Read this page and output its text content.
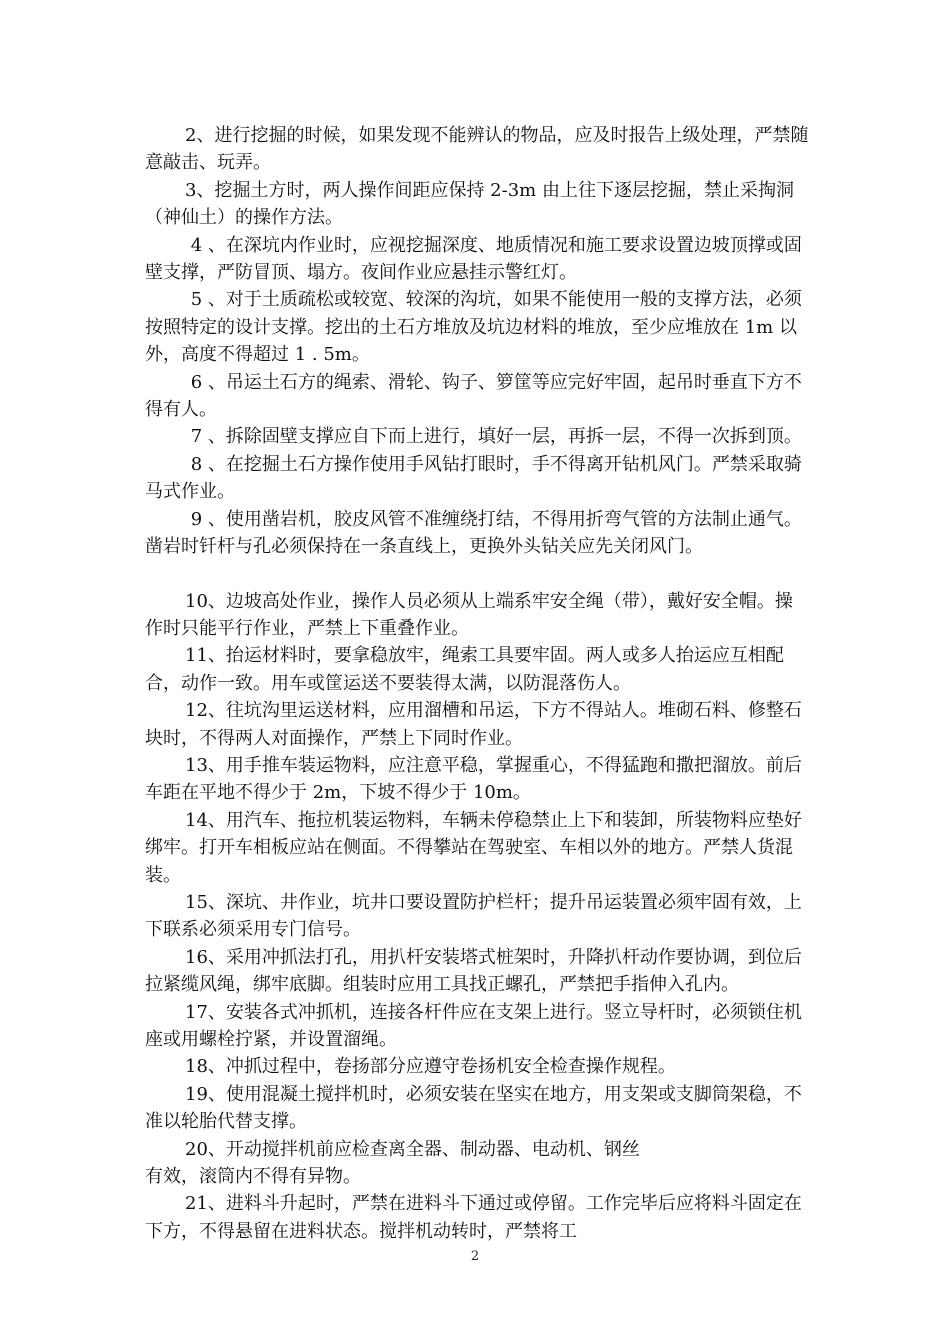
2、进行挖掘的时候，如果发现不能辨认的物品，应及时报告上级处理，严禁随意敲击、玩弄。

3、挖掘土方时，两人操作间距应保持 2-3m 由上往下逐层挖掘，禁止采掏洞（神仙土）的操作方法。

4 、在深坑内作业时，应视挖掘深度、地质情况和施工要求设置边坡顶撑或固壁支撑，严防冒顶、塌方。夜间作业应悬挂示警红灯。

5 、对于土质疏松或较宽、较深的沟坑，如果不能使用一般的支撑方法，必须按照特定的设计支撑。挖出的土石方堆放及坑边材料的堆放，至少应堆放在 1m 以外，高度不得超过 1 . 5m。

6 、吊运土石方的绳索、滑轮、钩子、箩筐等应完好牢固，起吊时垂直下方不得有人。

7 、拆除固壁支撑应自下而上进行，填好一层，再拆一层，不得一次拆到顶。

8 、在挖掘土石方操作使用手风钻打眼时，手不得离开钻机风门。严禁采取骑马式作业。

9 、使用凿岩机，胶皮风管不准缠绕打结，不得用折弯气管的方法制止通气。凿岩时钎杆与孔必须保持在一条直线上，更换外头钻关应先关闭风门。

10、边坡高处作业，操作人员必须从上端系牢安全绳（带），戴好安全帽。操作时只能平行作业，严禁上下重叠作业。

11、抬运材料时，要拿稳放牢，绳索工具要牢固。两人或多人抬运应互相配合，动作一致。用车或筐运送不要装得太满，以防混落伤人。

12、往坑沟里运送材料，应用溜槽和吊运，下方不得站人。堆砌石料、修整石块时，不得两人对面操作，严禁上下同时作业。

13、用手推车装运物料，应注意平稳，掌握重心，不得猛跑和撒把溜放。前后车距在平地不得少于 2m，下坡不得少于 10m。

14、用汽车、拖拉机装运物料，车辆未停稳禁止上下和装卸，所装物料应垫好绑牢。打开车相板应站在侧面。不得攀站在驾驶室、车相以外的地方。严禁人货混装。

15、深坑、井作业，坑井口要设置防护栏杆；提升吊运装置必须牢固有效，上下联系必须采用专门信号。

16、采用冲抓法打孔，用扒杆安装塔式桩架时，升降扒杆动作要协调，到位后拉紧缆风绳，绑牢底脚。组装时应用工具找正螺孔，严禁把手指伸入孔内。

17、安装各式冲抓机，连接各杆件应在支架上进行。竖立导杆时，必须锁住机座或用螺栓拧紧，并设置溜绳。

18、冲抓过程中，卷扬部分应遵守卷扬机安全检查操作规程。

19、使用混凝土搅拌机时，必须安装在坚实在地方，用支架或支脚筒架稳，不准以轮胎代替支撑。

20、开动搅拌机前应检查离全器、制动器、电动机、钢丝
有效，滚筒内不得有异物。

21、进料斗升起时，严禁在进料斗下通过或停留。工作完毕后应将料斗固定在下方，不得悬留在进料状态。搅拌机动转时，严禁将工

2
